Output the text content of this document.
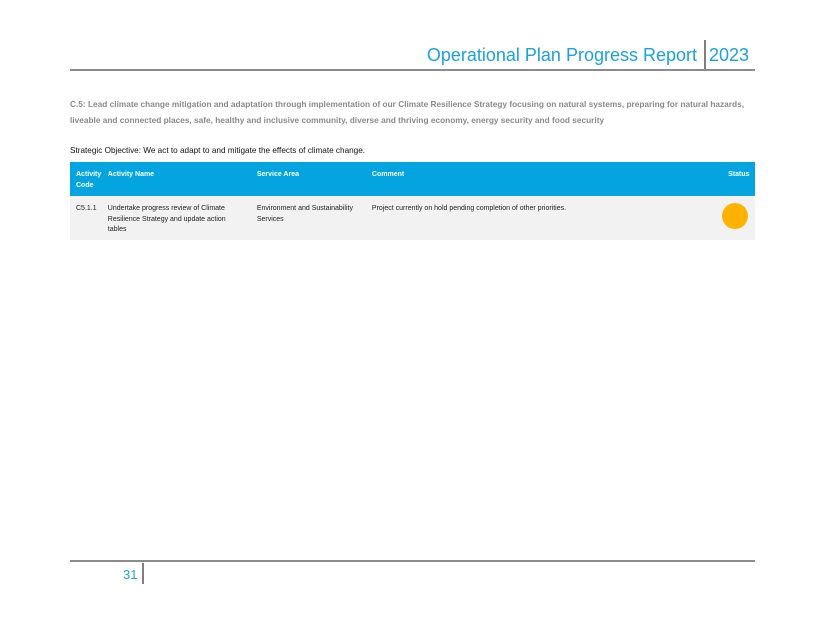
Operational Plan Progress Report 2023
C.5: Lead climate change mitigation and adaptation through implementation of our Climate Resilience Strategy focusing on natural systems, preparing for natural hazards, liveable and connected places, safe, healthy and inclusive community, diverse and thriving economy, energy security and food security
Strategic Objective: We act to adapt to and mitigate the effects of climate change.
Activity Code	Activity Name	Service Area	Comment	Status
C5.1.1	Undertake progress review of Climate Resilience Strategy and update action tables	Environment and Sustainability Services	Project currently on hold pending completion of other priorities.	
31
